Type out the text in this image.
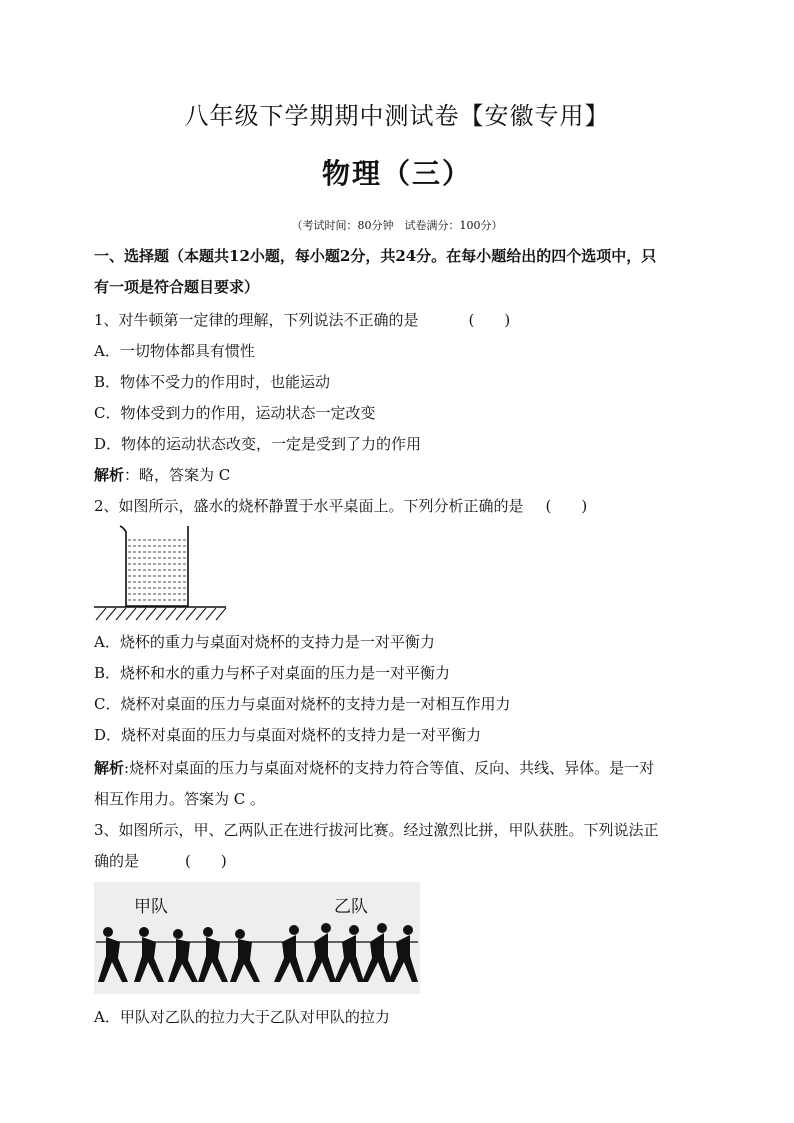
八年级下学期期中测试卷【安徽专用】
物理（三）
（考试时间：80分钟　试卷满分：100分）
一、选择题（本题共12小题，每小题2分，共24分。在每小题给出的四个选项中，只
有一项是符合题目要求）
1、对牛顿第一定律的理解，下列说法不正确的是	(　　)
A．一切物体都具有惯性
B．物体不受力的作用时，也能运动
C．物体受到力的作用，运动状态一定改变
D．物体的运动状态改变，一定是受到了力的作用
解析：略，答案为 C
2、如图所示，盛水的烧杯静置于水平桌面上。下列分析正确的是 (　　)
A．烧杯的重力与桌面对烧杯的支持力是一对平衡力
B．烧杯和水的重力与杯子对桌面的压力是一对平衡力
C．烧杯对桌面的压力与桌面对烧杯的支持力是一对相互作用力
D．烧杯对桌面的压力与桌面对烧杯的支持力是一对平衡力
解析:烧杯对桌面的压力与桌面对烧杯的支持力符合等值、反向、共线、异体。是一对
相互作用力。答案为 C 。
3、如图所示，甲、乙两队正在进行拔河比赛。经过激烈比拼，甲队获胜。下列说法正
确的是	(　　)
甲队	乙队
A．甲队对乙队的拉力大于乙队对甲队的拉力
